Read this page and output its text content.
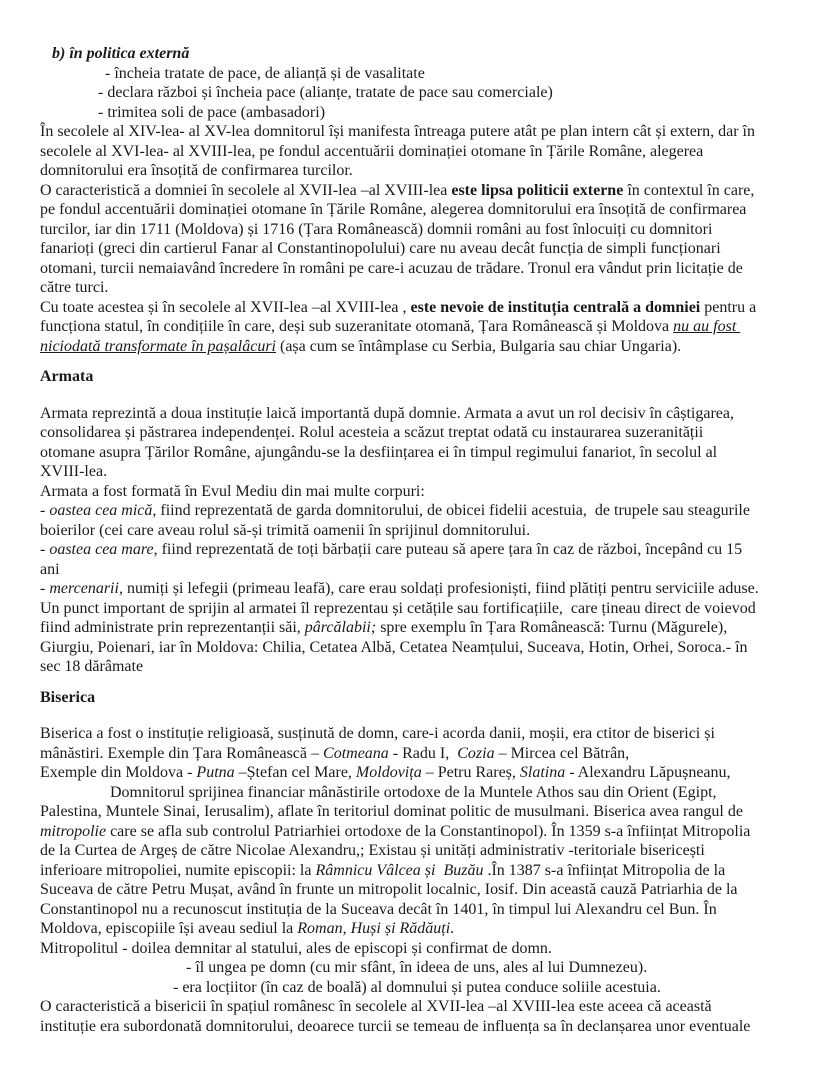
b) în politica externă
- încheia tratate de pace, de alianță și de vasalitate
- declara război și încheia pace (alianțe, tratate de pace sau comerciale)
- trimitea soli de pace (ambasadori)
În secolele al XIV-lea- al XV-lea domnitorul își manifesta întreaga putere atât pe plan intern cât și extern, dar în
secolele al XVI-lea- al XVIII-lea, pe fondul accentuării dominației otomane în Țările Române, alegerea
domnitorului era însoțită de confirmarea turcilor.
O caracteristică a domniei în secolele al XVII-lea –al XVIII-lea este lipsa politicii externe în contextul în care,
pe fondul accentuării dominației otomane în Țările Române, alegerea domnitorului era însoțită de confirmarea
turcilor, iar din 1711 (Moldova) și 1716 (Țara Românească) domnii români au fost înlocuiți cu domnitori
fanarioți (greci din cartierul Fanar al Constantinopolului) care nu aveau decât funcția de simpli funcționari
otomani, turcii nemaiavând încredere în români pe care-i acuzau de trădare. Tronul era vândut prin licitație de
către turci.
Cu toate acestea și în secolele al XVII-lea –al XVIII-lea , este nevoie de instituția centrală a domniei pentru a
funcționa statul, în condițiile în care, deși sub suzeranitate otomană, Țara Românească și Moldova nu au fost
niciodată transformate în pașalâcuri (așa cum se întâmplase cu Serbia, Bulgaria sau chiar Ungaria).
Armata
Armata reprezintă a doua instituție laică importantă după domnie. Armata a avut un rol decisiv în câștigarea,
consolidarea și păstrarea independenței. Rolul acesteia a scăzut treptat odată cu instaurarea suzeranității
otomane asupra Țărilor Române, ajungându-se la desființarea ei în timpul regimului fanariot, în secolul al
XVIII-lea.
Armata a fost formată în Evul Mediu din mai multe corpuri:
- oastea cea mică, fiind reprezentată de garda domnitorului, de obicei fidelii acestuia,  de trupele sau steagurile
boierilor (cei care aveau rolul să-și trimită oamenii în sprijinul domnitorului.
- oastea cea mare, fiind reprezentată de toți bărbații care puteau să apere țara în caz de război, începând cu 15
ani
- mercenarii, numiți și lefegii (primeau leafă), care erau soldați profesioniști, fiind plătiți pentru serviciile aduse.
Un punct important de sprijin al armatei îl reprezentau și cetățile sau fortificațiile,  care țineau direct de voievod
fiind administrate prin reprezentanții săi, pârcălabii; spre exemplu în Țara Românească: Turnu (Măgurele),
Giurgiu, Poienari, iar în Moldova: Chilia, Cetatea Albă, Cetatea Neamțului, Suceava, Hotin, Orhei, Soroca.- în
sec 18 dărâmate
Biserica
Biserica a fost o instituție religioasă, susținută de domn, care-i acorda danii, moșii, era ctitor de biserici și
mânăstiri. Exemple din Țara Românească – Cotmeana - Radu I,  Cozia – Mircea cel Bătrân,
Exemple din Moldova - Putna –Ștefan cel Mare, Moldovița – Petru Rareș, Slatina - Alexandru Lăpușneanu,
Domnitorul sprijinea financiar mânăstirile ortodoxe de la Muntele Athos sau din Orient (Egipt,
Palestina, Muntele Sinai, Ierusalim), aflate în teritoriul dominat politic de musulmani. Biserica avea rangul de
mitropolie care se afla sub controlul Patriarhiei ortodoxe de la Constantinopol). În 1359 s-a înființat Mitropolia
de la Curtea de Argeș de către Nicolae Alexandru,; Existau și unități administrativ -teritoriale bisericești
inferioare mitropoliei, numite episcopii: la Râmnicu Vâlcea și  Buzău .În 1387 s-a înființat Mitropolia de la
Suceava de către Petru Mușat, având în frunte un mitropolit localnic, Iosif. Din această cauză Patriarhia de la
Constantinopol nu a recunoscut instituția de la Suceava decât în 1401, în timpul lui Alexandru cel Bun. În
Moldova, episcopiile își aveau sediul la Roman, Huși și Rădăuți.
Mitropolitul - doilea demnitar al statului, ales de episcopi și confirmat de domn.
- îl ungea pe domn (cu mir sfânt, în ideea de uns, ales al lui Dumnezeu).
- era locțiitor (în caz de boală) al domnului și putea conduce soliile acestuia.
O caracteristică a bisericii în spațiul românesc în secolele al XVII-lea –al XVIII-lea este aceea că această
instituție era subordonată domnitorului, deoarece turcii se temeau de influența sa în declanșarea unor eventuale
